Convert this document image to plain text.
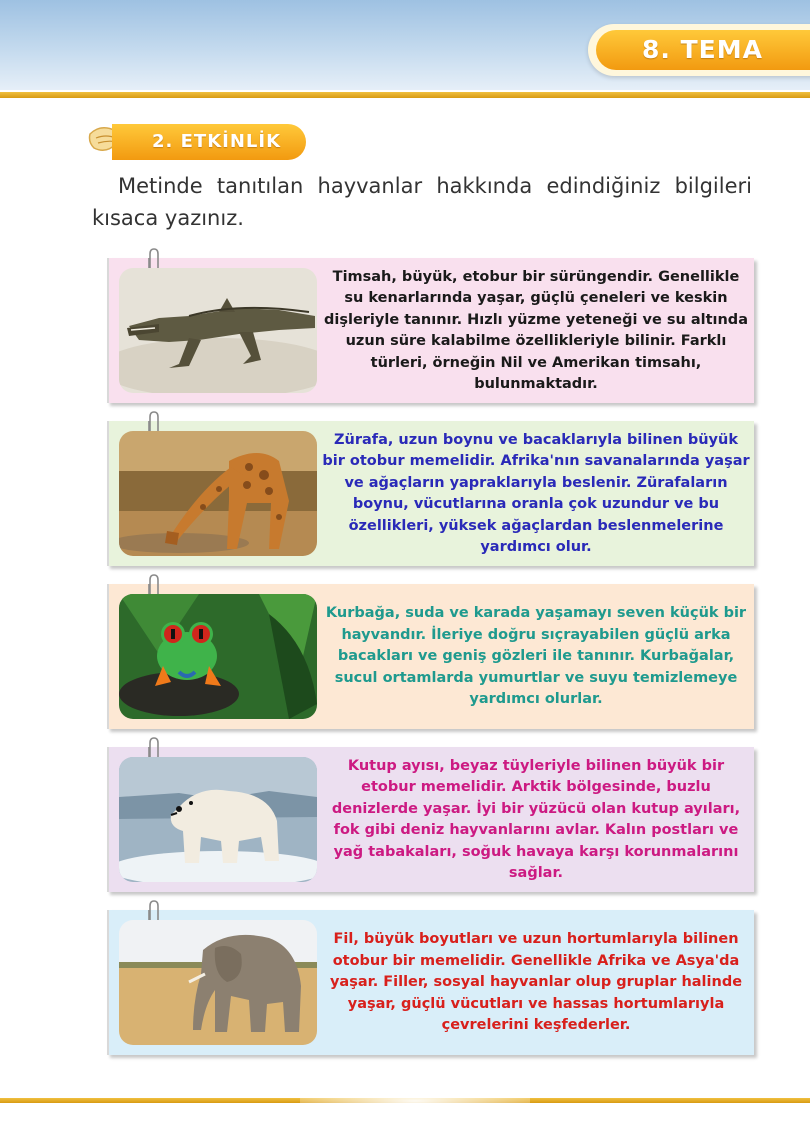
8. TEMA
2. ETKİNLİK

Metinde tanıtılan hayvanlar hakkında edindiğiniz bilgileri kısaca yazınız.

Timsah, büyük, etobur bir sürüngendir. Genellikle su kenarlarında yaşar, güçlü çeneleri ve keskin dişleriyle tanınır. Hızlı yüzme yeteneği ve su altında uzun süre kalabilme özellikleriyle bilinir. Farklı türleri, örneğin Nil ve Amerikan timsahı, bulunmaktadır.
Zürafa, uzun boynu ve bacaklarıyla bilinen büyük bir otobur memelidir. Afrika'nın savanalarında yaşar ve ağaçların yapraklarıyla beslenir. Zürafaların boynu, vücutlarına oranla çok uzundur ve bu özellikleri, yüksek ağaçlardan beslenmelerine yardımcı olur.
Kurbağa, suda ve karada yaşamayı seven küçük bir hayvandır. İleriye doğru sıçrayabilen güçlü arka bacakları ve geniş gözleri ile tanınır. Kurbağalar, sucul ortamlarda yumurtlar ve suyu temizlemeye yardımcı olurlar.
Kutup ayısı, beyaz tüyleriyle bilinen büyük bir etobur memelidir. Arktik bölgesinde, buzlu denizlerde yaşar. İyi bir yüzücü olan kutup ayıları, fok gibi deniz hayvanlarını avlar. Kalın postları ve yağ tabakaları, soğuk havaya karşı korunmalarını sağlar.
Fil, büyük boyutları ve uzun hortumlarıyla bilinen otobur bir memelidir. Genellikle Afrika ve Asya'da yaşar. Filler, sosyal hayvanlar olup gruplar halinde yaşar, güçlü vücutları ve hassas hortumlarıyla çevrelerini keşfederler.
